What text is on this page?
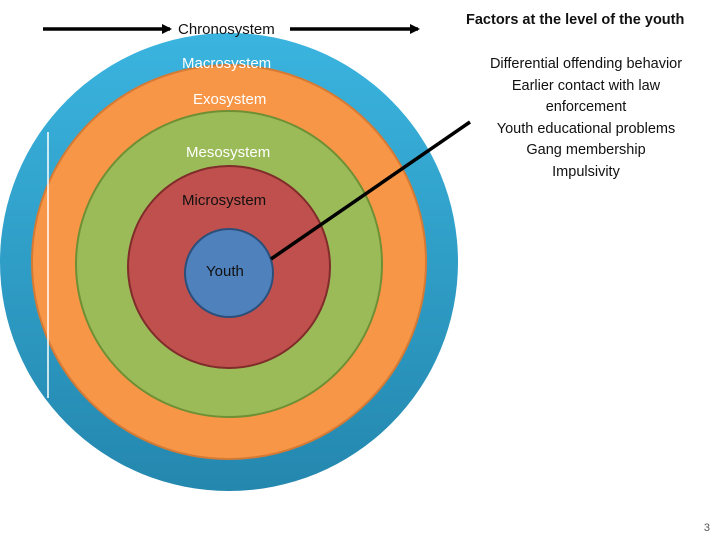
Chronosystem
Macrosystem
Exosystem
Mesosystem
Microsystem
Youth
Factors at the level of the youth
Differential offending behavior
Earlier contact with law
enforcement
Youth educational problems
Gang membership
Impulsivity
3
